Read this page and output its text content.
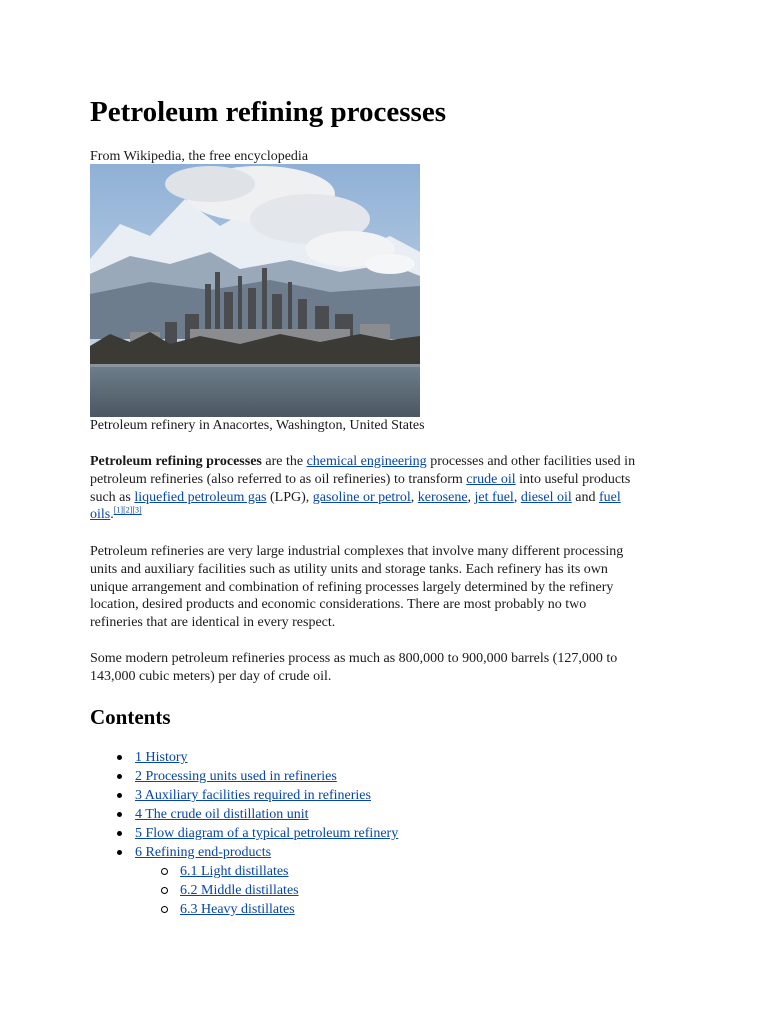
Petroleum refining processes
From Wikipedia, the free encyclopedia
Petroleum refinery in Anacortes, Washington, United States

Petroleum refining processes are the chemical engineering processes and other facilities used in
petroleum refineries (also referred to as oil refineries) to transform crude oil into useful products
such as liquefied petroleum gas (LPG), gasoline or petrol, kerosene, jet fuel, diesel oil and fuel
oils.[1][2][3]

Petroleum refineries are very large industrial complexes that involve many different processing
units and auxiliary facilities such as utility units and storage tanks. Each refinery has its own
unique arrangement and combination of refining processes largely determined by the refinery
location, desired products and economic considerations. There are most probably no two
refineries that are identical in every respect.

Some modern petroleum refineries process as much as 800,000 to 900,000 barrels (127,000 to
143,000 cubic meters) per day of crude oil.

Contents
1 History
2 Processing units used in refineries
3 Auxiliary facilities required in refineries
4 The crude oil distillation unit
5 Flow diagram of a typical petroleum refinery
6 Refining end-products
6.1 Light distillates
6.2 Middle distillates
6.3 Heavy distillates
